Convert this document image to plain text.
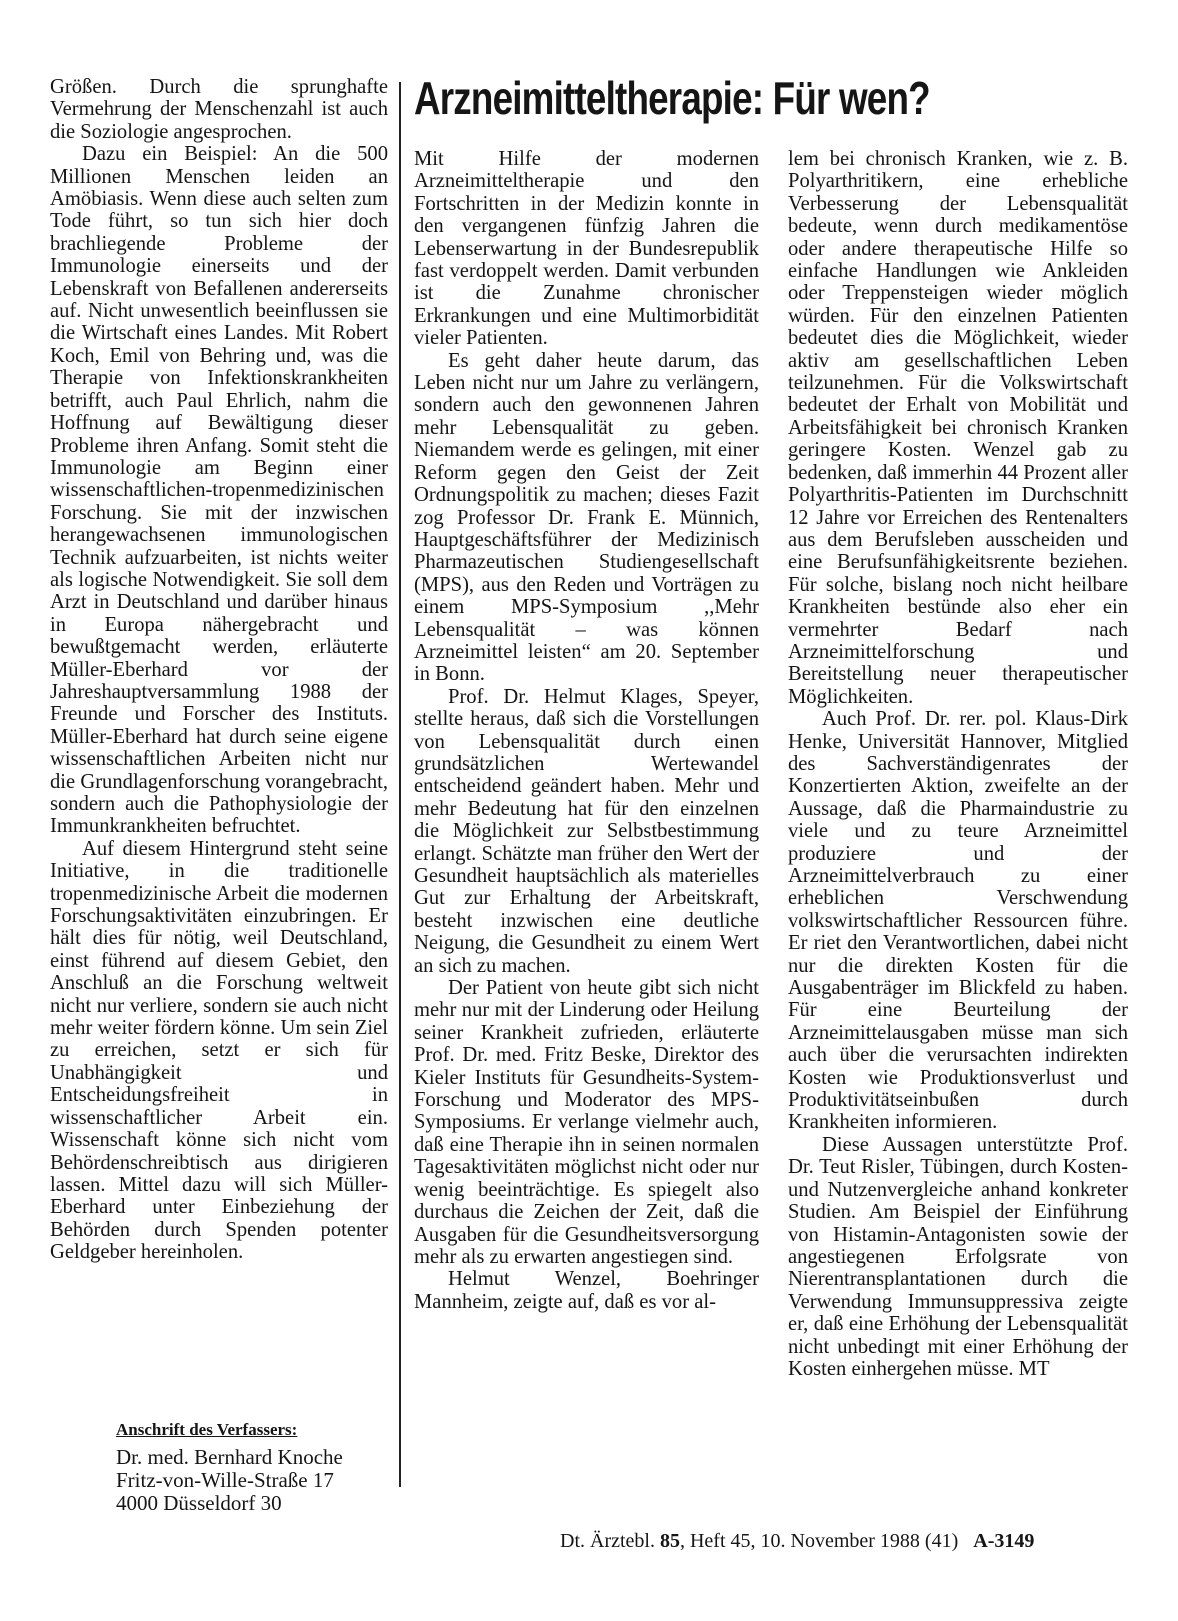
Größen. Durch die sprunghafte Vermehrung der Menschenzahl ist auch die Soziologie angesprochen.

Dazu ein Beispiel: An die 500 Millionen Menschen leiden an Amöbiasis. Wenn diese auch selten zum Tode führt, so tun sich hier doch brachliegende Probleme der Immunologie einerseits und der Lebenskraft von Befallenen andererseits auf. Nicht unwesentlich beeinflussen sie die Wirtschaft eines Landes. Mit Robert Koch, Emil von Behring und, was die Therapie von Infektionskrankheiten betrifft, auch Paul Ehrlich, nahm die Hoffnung auf Bewältigung dieser Probleme ihren Anfang. Somit steht die Immunologie am Beginn einer wissenschaftlichen-tropenmedizinischen Forschung. Sie mit der inzwischen herangewachsenen immunologischen Technik aufzuarbeiten, ist nichts weiter als logische Notwendigkeit. Sie soll dem Arzt in Deutschland und darüber hinaus in Europa nähergebracht und bewußtgemacht werden, erläuterte Müller-Eberhard vor der Jahreshauptversammlung 1988 der Freunde und Forscher des Instituts. Müller-Eberhard hat durch seine eigene wissenschaftlichen Arbeiten nicht nur die Grundlagenforschung vorangebracht, sondern auch die Pathophysiologie der Immunkrankheiten befruchtet.

Auf diesem Hintergrund steht seine Initiative, in die traditionelle tropenmedizinische Arbeit die modernen Forschungsaktivitäten einzubringen. Er hält dies für nötig, weil Deutschland, einst führend auf diesem Gebiet, den Anschluß an die Forschung weltweit nicht nur verliere, sondern sie auch nicht mehr weiter fördern könne. Um sein Ziel zu erreichen, setzt er sich für Unabhängigkeit und Entscheidungsfreiheit in wissenschaftlicher Arbeit ein. Wissenschaft könne sich nicht vom Behördenschreibtisch aus dirigieren lassen. Mittel dazu will sich Müller-Eberhard unter Einbeziehung der Behörden durch Spenden potenter Geldgeber hereinholen.

Anschrift des Verfassers:
Dr. med. Bernhard Knoche
Fritz-von-Wille-Straße 17
4000 Düsseldorf 30
Arzneimitteltherapie: Für wen?

Mit Hilfe der modernen Arzneimitteltherapie und den Fortschritten in der Medizin konnte in den vergangenen fünfzig Jahren die Lebenserwartung in der Bundesrepublik fast verdoppelt werden. Damit verbunden ist die Zunahme chronischer Erkrankungen und eine Multimorbidität vieler Patienten.

Es geht daher heute darum, das Leben nicht nur um Jahre zu verlängern, sondern auch den gewonnenen Jahren mehr Lebensqualität zu geben. Niemandem werde es gelingen, mit einer Reform gegen den Geist der Zeit Ordnungspolitik zu machen; dieses Fazit zog Professor Dr. Frank E. Münnich, Hauptgeschäftsführer der Medizinisch Pharmazeutischen Studiengesellschaft (MPS), aus den Reden und Vorträgen zu einem MPS-Symposium ,,Mehr Lebensqualität – was können Arzneimittel leisten“ am 20. September in Bonn.

Prof. Dr. Helmut Klages, Speyer, stellte heraus, daß sich die Vorstellungen von Lebensqualität durch einen grundsätzlichen Wertewandel entscheidend geändert haben. Mehr und mehr Bedeutung hat für den einzelnen die Möglichkeit zur Selbstbestimmung erlangt. Schätzte man früher den Wert der Gesundheit hauptsächlich als materielles Gut zur Erhaltung der Arbeitskraft, besteht inzwischen eine deutliche Neigung, die Gesundheit zu einem Wert an sich zu machen.

Der Patient von heute gibt sich nicht mehr nur mit der Linderung oder Heilung seiner Krankheit zufrieden, erläuterte Prof. Dr. med. Fritz Beske, Direktor des Kieler Instituts für Gesundheits-System-Forschung und Moderator des MPS-Symposiums. Er verlange vielmehr auch, daß eine Therapie ihn in seinen normalen Tagesaktivitäten möglichst nicht oder nur wenig beeinträchtige. Es spiegelt also durchaus die Zeichen der Zeit, daß die Ausgaben für die Gesundheitsversorgung mehr als zu erwarten angestiegen sind.

Helmut Wenzel, Boehringer Mannheim, zeigte auf, daß es vor al-

lem bei chronisch Kranken, wie z. B. Polyarthritikern, eine erhebliche Verbesserung der Lebensqualität bedeute, wenn durch medikamentöse oder andere therapeutische Hilfe so einfache Handlungen wie Ankleiden oder Treppensteigen wieder möglich würden. Für den einzelnen Patienten bedeutet dies die Möglichkeit, wieder aktiv am gesellschaftlichen Leben teilzunehmen. Für die Volkswirtschaft bedeutet der Erhalt von Mobilität und Arbeitsfähigkeit bei chronisch Kranken geringere Kosten. Wenzel gab zu bedenken, daß immerhin 44 Prozent aller Polyarthritis-Patienten im Durchschnitt 12 Jahre vor Erreichen des Rentenalters aus dem Berufsleben ausscheiden und eine Berufsunfähigkeitsrente beziehen. Für solche, bislang noch nicht heilbare Krankheiten bestünde also eher ein vermehrter Bedarf nach Arzneimittelforschung und Bereitstellung neuer therapeutischer Möglichkeiten.

Auch Prof. Dr. rer. pol. Klaus-Dirk Henke, Universität Hannover, Mitglied des Sachverständigenrates der Konzertierten Aktion, zweifelte an der Aussage, daß die Pharmaindustrie zu viele und zu teure Arzneimittel produziere und der Arzneimittelverbrauch zu einer erheblichen Verschwendung volkswirtschaftlicher Ressourcen führe. Er riet den Verantwortlichen, dabei nicht nur die direkten Kosten für die Ausgabenträger im Blickfeld zu haben. Für eine Beurteilung der Arzneimittelausgaben müsse man sich auch über die verursachten indirekten Kosten wie Produktionsverlust und Produktivitätseinbußen durch Krankheiten informieren.

Diese Aussagen unterstützte Prof. Dr. Teut Risler, Tübingen, durch Kosten- und Nutzenvergleiche anhand konkreter Studien. Am Beispiel der Einführung von Histamin-Antagonisten sowie der angestiegenen Erfolgsrate von Nierentransplantationen durch die Verwendung Immunsuppressiva zeigte er, daß eine Erhöhung der Lebensqualität nicht unbedingt mit einer Erhöhung der Kosten einhergehen müsse. MT

Dt. Ärztebl. 85, Heft 45, 10. November 1988 (41) A-3149
